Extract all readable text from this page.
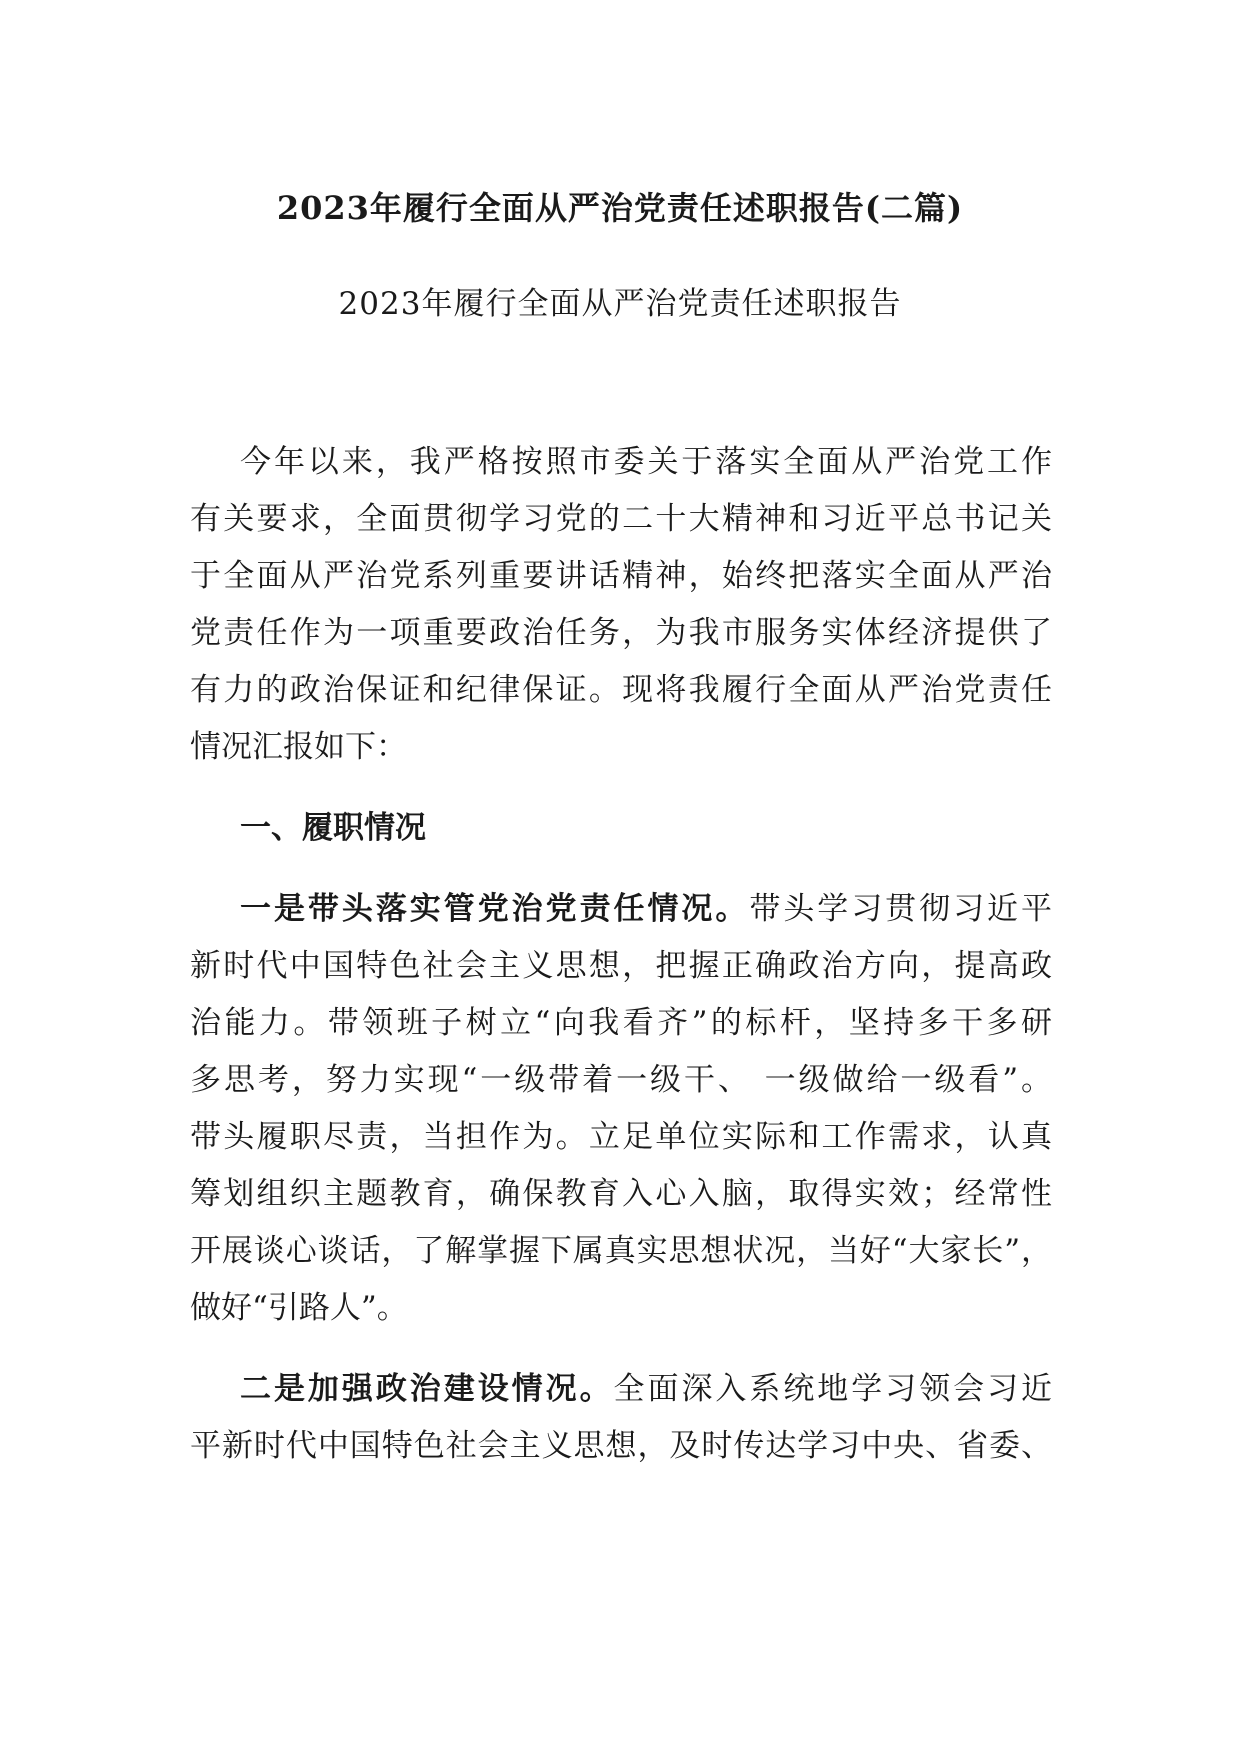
2023年履行全面从严治党责任述职报告(二篇)
2023年履行全面从严治党责任述职报告
今年以来，我严格按照市委关于落实全面从严治党工作
有关要求，全面贯彻学习党的二十大精神和习近平总书记关
于全面从严治党系列重要讲话精神，始终把落实全面从严治
党责任作为一项重要政治任务，为我市服务实体经济提供了
有力的政治保证和纪律保证。现将我履行全面从严治党责任
情况汇报如下：
一、履职情况
一是带头落实管党治党责任情况。带头学习贯彻习近平
新时代中国特色社会主义思想，把握正确政治方向，提高政
治能力。带领班子树立“向我看齐”的标杆，坚持多干多研
多思考，努力实现“一级带着一级干、 一级做给一级看”。
带头履职尽责，当担作为。立足单位实际和工作需求，认真
筹划组织主题教育，确保教育入心入脑，取得实效；经常性
开展谈心谈话，了解掌握下属真实思想状况，当好“大家长”，
做好“引路人”。
二是加强政治建设情况。全面深入系统地学习领会习近
平新时代中国特色社会主义思想，及时传达学习中央、省委、
